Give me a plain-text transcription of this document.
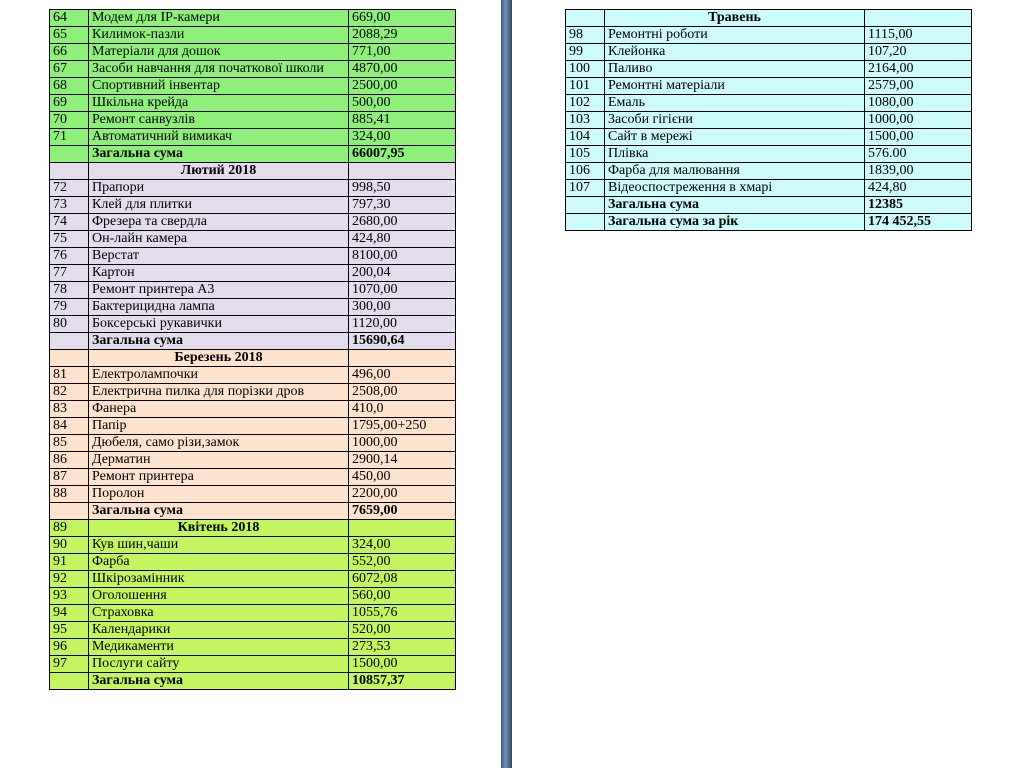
64	Модем для IP-камери	669,00
65	Килимок-пазли	2088,29
66	Матеріали для дошок	771,00
67	Засоби навчання для початкової школи	4870,00
68	Спортивний інвентар	2500,00
69	Шкільна крейда	500,00
70	Ремонт санвузлів	885,41
71	Автоматичний вимикач	324,00
	Загальна сума	66007,95
	Лютий 2018	
72	Прапори	998,50
73	Клей для плитки	797,30
74	Фрезера та свердла	2680,00
75	Он-лайн камера	424,80
76	Верстат	8100,00
77	Картон	200,04
78	Ремонт принтера А3	1070,00
79	Бактерицидна лампа	300,00
80	Боксерські рукавички	1120,00
	Загальна сума	15690,64
	Березень 2018	
81	Електролампочки	496,00
82	Електрична пилка для порізки дров	2508,00
83	Фанера	410,0
84	Папір	1795,00+250
85	Дюбеля, само різи,замок	1000,00
86	Дерматин	2900,14
87	Ремонт принтера	450,00
88	Поролон	2200,00
	Загальна сума	7659,00
89	Квітень 2018	
90	Кув шин,чаши	324,00
91	Фарба	552,00
92	Шкірозамінник	6072,08
93	Оголошення	560,00
94	Страховка	1055,76
95	Календарики	520,00
96	Медикаменти	273,53
97	Послуги сайту	1500,00
	Загальна сума	10857,37
	Травень	
98	Ремонтні роботи	1115,00
99	Клейонка	107,20
100	Паливо	2164,00
101	Ремонтні матеріали	2579,00
102	Емаль	1080,00
103	Засоби гігієни	1000,00
104	Сайт в мережі	1500,00
105	Плівка	576.00
106	Фарба для малювання	1839,00
107	Відеоспостреження в хмарі	424,80
	Загальна сума	12385
	Загальна сума за рік	174 452,55
